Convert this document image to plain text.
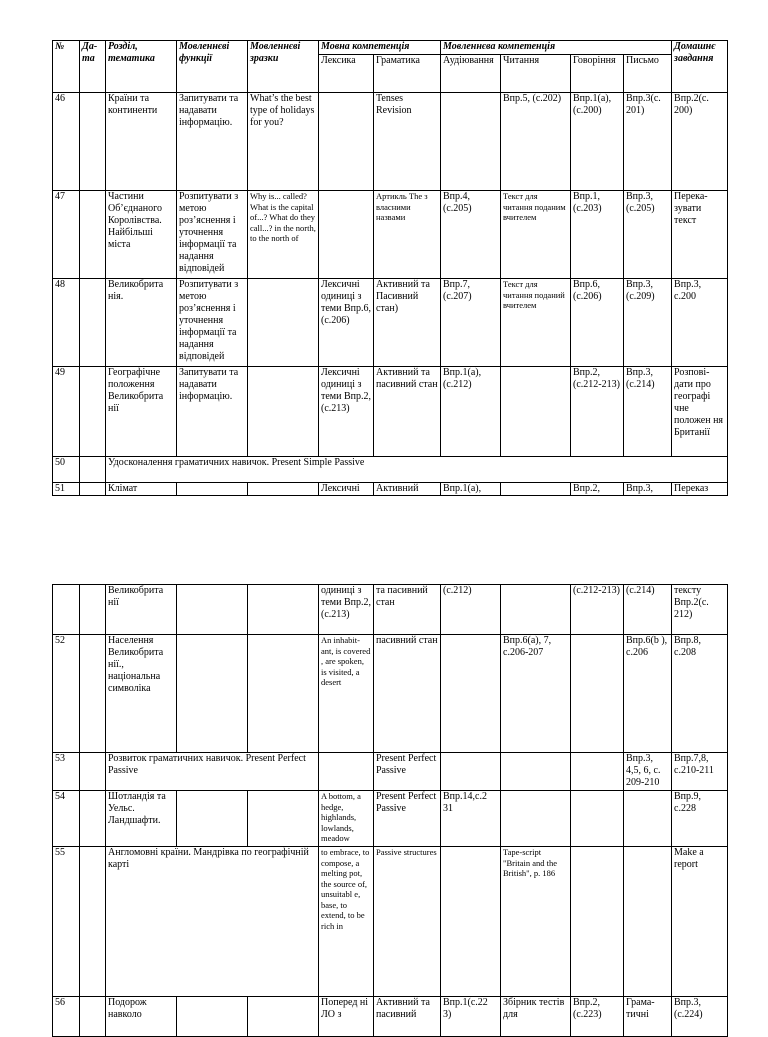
№	Да-та	Розділ, тематика	Мовленнєві функції	Мовленнєві зразки	Мовна компетенція		Мовленнєва компетенція				Домашнє завдання
					Лексика	Граматика	Аудіювання	Читання	Говоріння	Письмо	
46		Країни та континенти	Запитувати та надавати інформацію.	What’s the best type of holidays for you?		Tenses Revision		Впр.5, (с.202)	Впр.1(а), (с.200)	Впр.3(с. 201)	Впр.2(с. 200)
47		Частини Об’єднаного Королівства. Найбільші міста	Розпитувати з метою роз’яснення і уточнення інформації та надання відповідей	Why is... called? What is the capital of...? What do they call...? in the north, to the north of		Артикль The з власними назвами	Впр.4, (с.205)	Текст для читання поданим вчителем	Впр.1, (с.203)	Впр.3, (с.205)	Перека-зувати текст
48		Великобрита нія.	Розпитувати з метою роз’яснення і уточнення інформації та надання відповідей		Лексичні одиниці з теми Впр.6, (с.206)	Активний та Пасивний стан)	Впр.7, (с.207)	Текст для читання поданий вчителем	Впр.6, (с.206)	Впр.3, (с.209)	Впр.3, с.200
49		Географічне положення Великобрита нії	Запитувати та надавати інформацію.		Лексичні одиниці з теми Впр.2, (с.213)	Активний та пасивний стан	Впр.1(а), (с.212)		Впр.2, (с.212-213)	Впр.3, (с.214)	Розпові-дати про географі чне положен ня Британії
50		Удосконалення граматичних навичок. Present Simple Passive									
51		Клімат			Лексичні	Активний	Впр.1(а),		Впр.2,	Впр.3,	Переказ
		Великобрита нії			одиниці з теми Впр.2, (с.213)	та пасивний стан	(с.212)		(с.212-213)	(с.214)	тексту Впр.2(с. 212)
52		Населення Великобрита нії., національна символіка			An inhabit-ant, is covered , are spoken, is visited, a desert	пасивний стан		Впр.6(а), 7, с.206-207		Впр.6(b ), с.206	Впр.8, с.208
53		Розвиток граматичних навичок. Present Perfect Passive				Present Perfect Passive				Впр.3, 4,5, 6, с. 209-210	Впр.7,8, с.210-211
54		Шотландія та Уельс. Ландшафти.			A bottom, a hedge, highlands, lowlands, meadow	Present Perfect Passive	Впр.14,с.2 31				Впр.9, с.228
55		Англомовні країни. Мандрівка по географічній карті			to embrace, to compose, a melting pot, the source of, unsuitabl e, base, to extend, to be rich in	Passive structures		Tape-script "Britain and the British", p. 186			Make a report
56		Подорож навколо			Поперед ні ЛО з	Активний та пасивний	Впр.1(с.22 3)	Збірник тестів для	Впр.2, (с.223)	Грама-тичні	Впр.3, (с.224)
